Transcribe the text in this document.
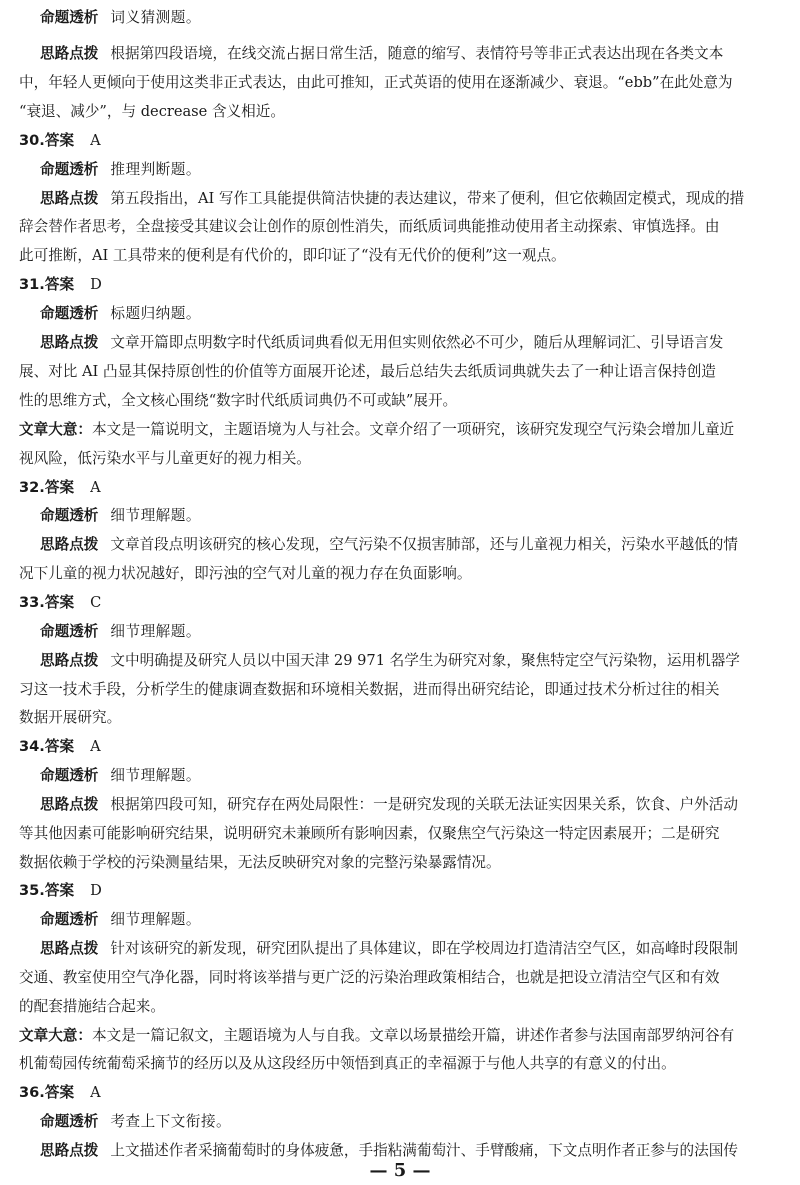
命题透析 词义猜测题。
思路点拨 根据第四段语境，在线交流占据日常生活，随意的缩写、表情符号等非正式表达出现在各类文本
中，年轻人更倾向于使用这类非正式表达，由此可推知，正式英语的使用在逐渐减少、衰退。“ebb”在此处意为
“衰退、减少”，与 decrease 含义相近。
30.答案 A
命题透析 推理判断题。
思路点拨 第五段指出，AI 写作工具能提供简洁快捷的表达建议，带来了便利，但它依赖固定模式，现成的措
辞会替作者思考，全盘接受其建议会让创作的原创性消失，而纸质词典能推动使用者主动探索、审慎选择。由
此可推断，AI 工具带来的便利是有代价的，即印证了“没有无代价的便利”这一观点。
31.答案 D
命题透析 标题归纳题。
思路点拨 文章开篇即点明数字时代纸质词典看似无用但实则依然必不可少，随后从理解词汇、引导语言发
展、对比 AI 凸显其保持原创性的价值等方面展开论述，最后总结失去纸质词典就失去了一种让语言保持创造
性的思维方式，全文核心围绕“数字时代纸质词典仍不可或缺”展开。
文章大意：本文是一篇说明文，主题语境为人与社会。文章介绍了一项研究，该研究发现空气污染会增加儿童近
视风险，低污染水平与儿童更好的视力相关。
32.答案 A
命题透析 细节理解题。
思路点拨 文章首段点明该研究的核心发现，空气污染不仅损害肺部，还与儿童视力相关，污染水平越低的情
况下儿童的视力状况越好，即污浊的空气对儿童的视力存在负面影响。
33.答案 C
命题透析 细节理解题。
思路点拨 文中明确提及研究人员以中国天津 29 971 名学生为研究对象，聚焦特定空气污染物，运用机器学
习这一技术手段，分析学生的健康调查数据和环境相关数据，进而得出研究结论，即通过技术分析过往的相关
数据开展研究。
34.答案 A
命题透析 细节理解题。
思路点拨 根据第四段可知，研究存在两处局限性：一是研究发现的关联无法证实因果关系，饮食、户外活动
等其他因素可能影响研究结果，说明研究未兼顾所有影响因素，仅聚焦空气污染这一特定因素展开；二是研究
数据依赖于学校的污染测量结果，无法反映研究对象的完整污染暴露情况。
35.答案 D
命题透析 细节理解题。
思路点拨 针对该研究的新发现，研究团队提出了具体建议，即在学校周边打造清洁空气区，如高峰时段限制
交通、教室使用空气净化器，同时将该举措与更广泛的污染治理政策相结合，也就是把设立清洁空气区和有效
的配套措施结合起来。
文章大意：本文是一篇记叙文，主题语境为人与自我。文章以场景描绘开篇，讲述作者参与法国南部罗纳河谷有
机葡萄园传统葡萄采摘节的经历以及从这段经历中领悟到真正的幸福源于与他人共享的有意义的付出。
36.答案 A
命题透析 考查上下文衔接。
思路点拨 上文描述作者采摘葡萄时的身体疲惫，手指粘满葡萄汁、手臂酸痛，下文点明作者正参与的法国传
— 5 —
